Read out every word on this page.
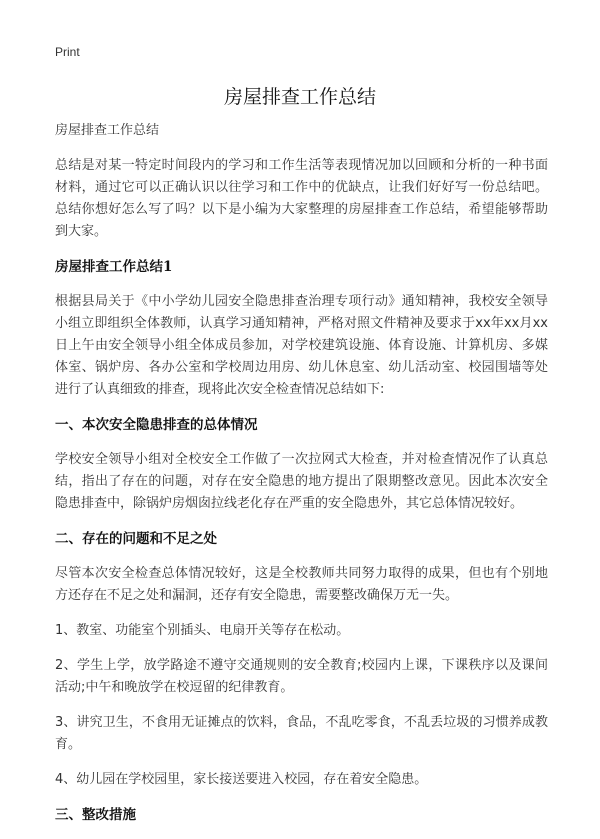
Print
房屋排查工作总结

房屋排查工作总结

总结是对某一特定时间段内的学习和工作生活等表现情况加以回顾和分析的一种书面材料，通过它可以正确认识以往学习和工作中的优缺点，让我们好好写一份总结吧。总结你想好怎么写了吗？以下是小编为大家整理的房屋排查工作总结，希望能够帮助到大家。

房屋排查工作总结1

根据县局关于《中小学幼儿园安全隐患排查治理专项行动》通知精神，我校安全领导小组立即组织全体教师，认真学习通知精神，严格对照文件精神及要求于xx年xx月xx日上午由安全领导小组全体成员参加，对学校建筑设施、体育设施、计算机房、多媒体室、锅炉房、各办公室和学校周边用房、幼儿休息室、幼儿活动室、校园围墙等处进行了认真细致的排查，现将此次安全检查情况总结如下:

一、本次安全隐患排查的总体情况

学校安全领导小组对全校安全工作做了一次拉网式大检查，并对检查情况作了认真总结，指出了存在的问题，对存在安全隐患的地方提出了限期整改意见。因此本次安全隐患排查中，除锅炉房烟囱拉线老化存在严重的安全隐患外，其它总体情况较好。

二、存在的问题和不足之处

尽管本次安全检查总体情况较好，这是全校教师共同努力取得的成果，但也有个别地方还存在不足之处和漏洞，还存有安全隐患，需要整改确保万无一失。

1、教室、功能室个别插头、电扇开关等存在松动。

2、学生上学，放学路途不遵守交通规则的安全教育;校园内上课，下课秩序以及课间活动;中午和晚放学在校逗留的纪律教育。

3、讲究卫生，不食用无证摊点的饮料，食品，不乱吃零食，不乱丢垃圾的习惯养成教育。

4、幼儿园在学校园里，家长接送要进入校园，存在着安全隐患。

三、整改措施
